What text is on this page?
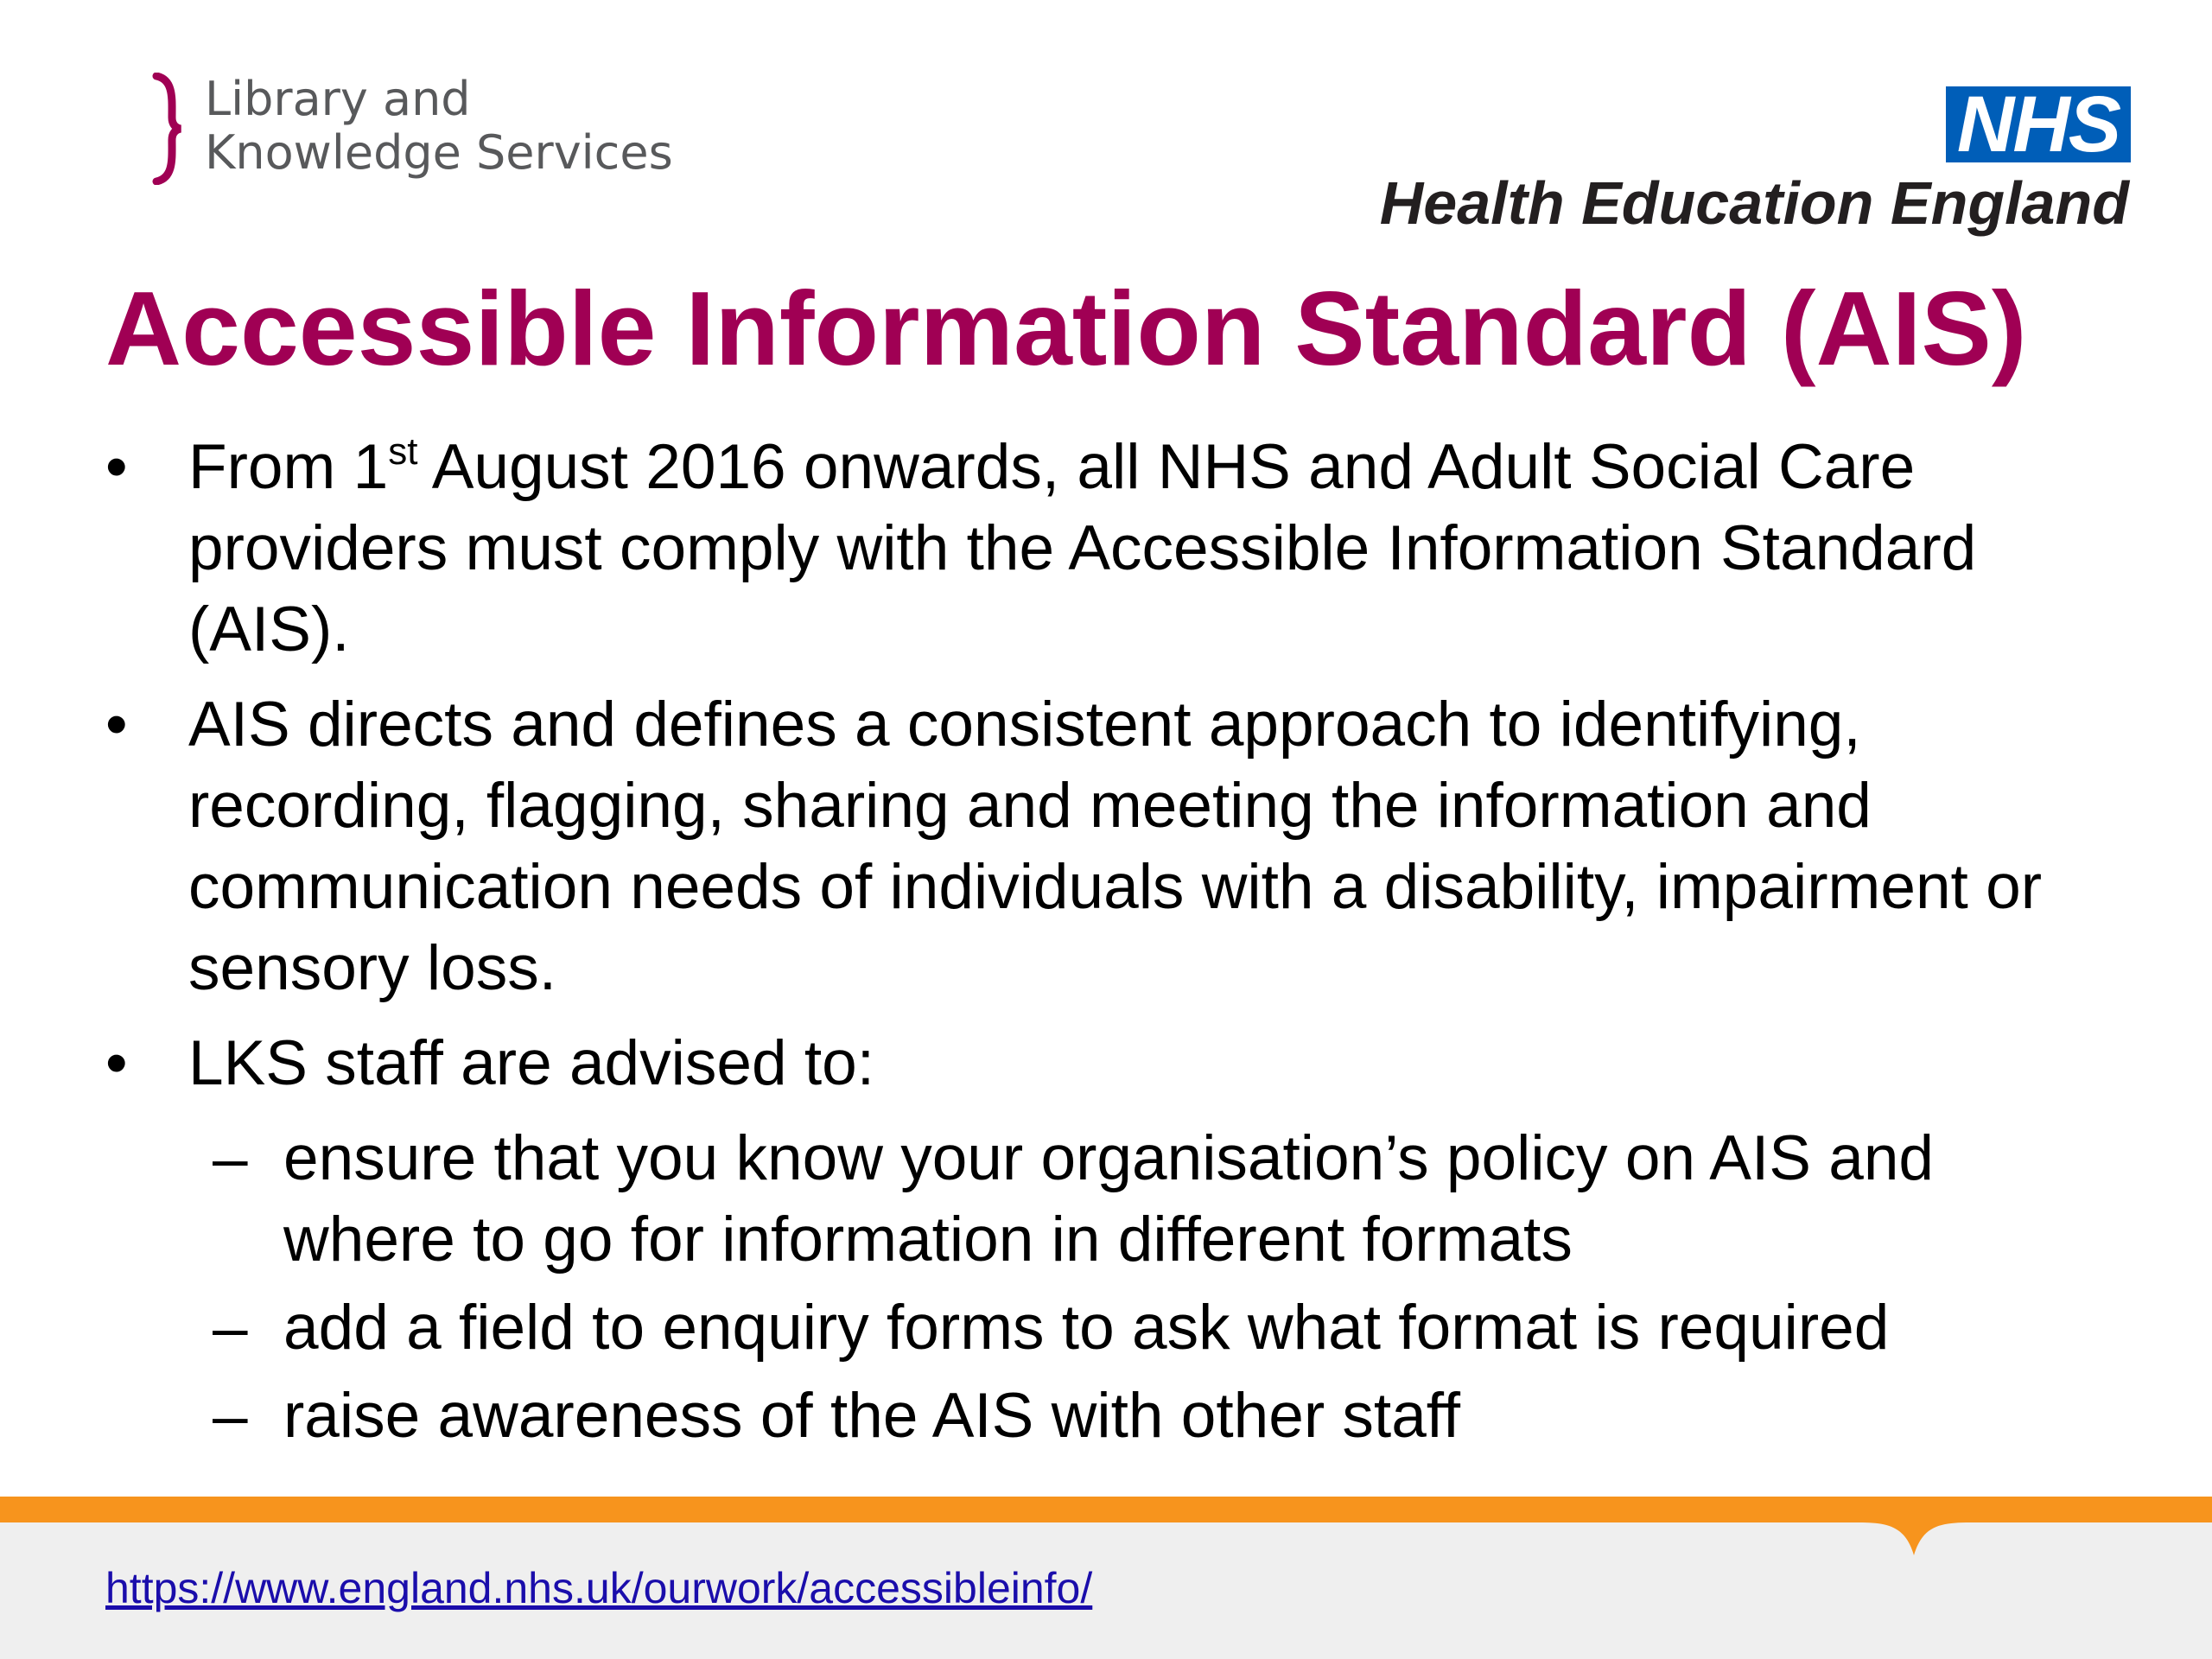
Library and
Knowledge Services	NHS
Health Education England
Accessible Information Standard (AIS)
• From 1st August 2016 onwards, all NHS and Adult Social Care providers must comply with the Accessible Information Standard (AIS).
• AIS directs and defines a consistent approach to identifying, recording, flagging, sharing and meeting the information and communication needs of individuals with a disability, impairment or sensory loss.
• LKS staff are advised to:
– ensure that you know your organisation’s policy on AIS and where to go for information in different formats
– add a field to enquiry forms to ask what format is required
– raise awareness of the AIS with other staff
https://www.england.nhs.uk/ourwork/accessibleinfo/
